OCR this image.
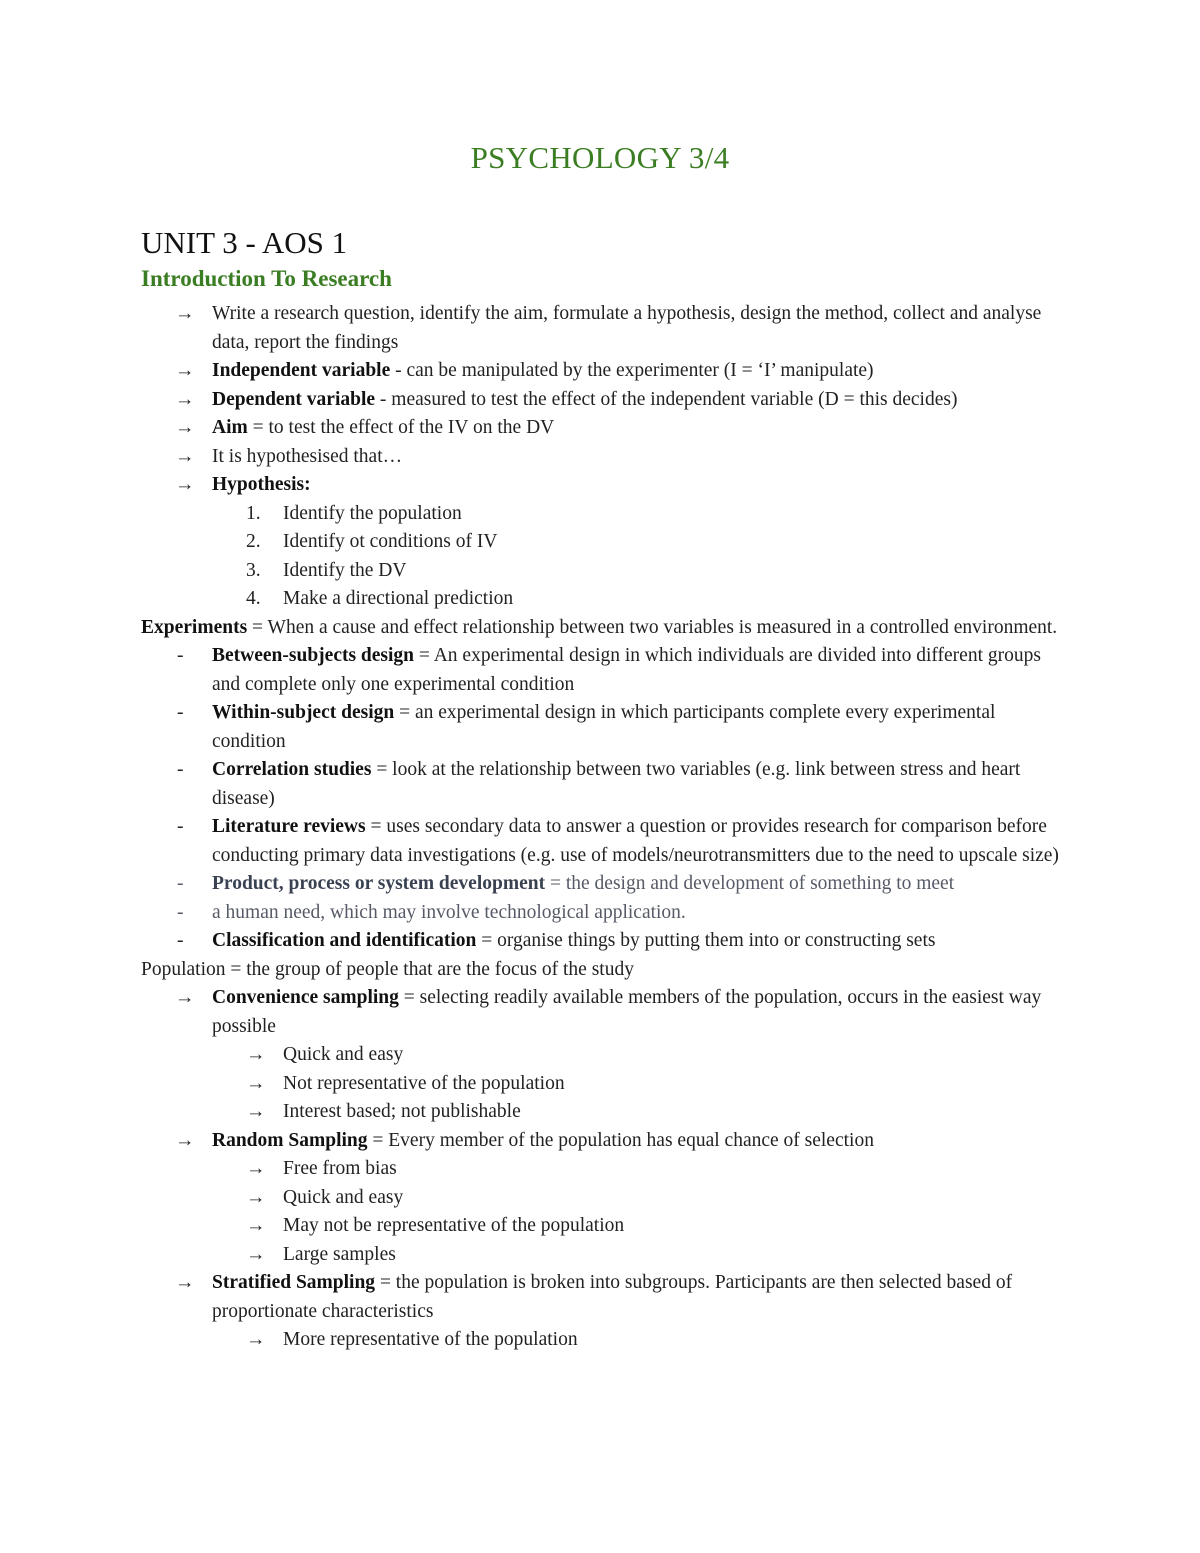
PSYCHOLOGY 3/4
UNIT 3 - AOS 1
Introduction To Research
→ Write a research question, identify the aim, formulate a hypothesis, design the method, collect and analyse data, report the findings
→ Independent variable - can be manipulated by the experimenter (I = ‘I’ manipulate)
→ Dependent variable - measured to test the effect of the independent variable (D = this decides)
→ Aim = to test the effect of the IV on the DV
→ It is hypothesised that…
→ Hypothesis:
1. Identify the population
2. Identify ot conditions of IV
3. Identify the DV
4. Make a directional prediction
Experiments = When a cause and effect relationship between two variables is measured in a controlled environment.
- Between-subjects design = An experimental design in which individuals are divided into different groups and complete only one experimental condition
- Within-subject design = an experimental design in which participants complete every experimental condition
- Correlation studies = look at the relationship between two variables (e.g. link between stress and heart disease)
- Literature reviews = uses secondary data to answer a question or provides research for comparison before conducting primary data investigations (e.g. use of models/neurotransmitters due to the need to upscale size)
- Product, process or system development = the design and development of something to meet
- a human need, which may involve technological application.
- Classification and identification = organise things by putting them into or constructing sets
Population = the group of people that are the focus of the study
→ Convenience sampling = selecting readily available members of the population, occurs in the easiest way possible
→ Quick and easy
→ Not representative of the population
→ Interest based; not publishable
→ Random Sampling = Every member of the population has equal chance of selection
→ Free from bias
→ Quick and easy
→ May not be representative of the population
→ Large samples
→ Stratified Sampling = the population is broken into subgroups. Participants are then selected based of proportionate characteristics
→ More representative of the population
